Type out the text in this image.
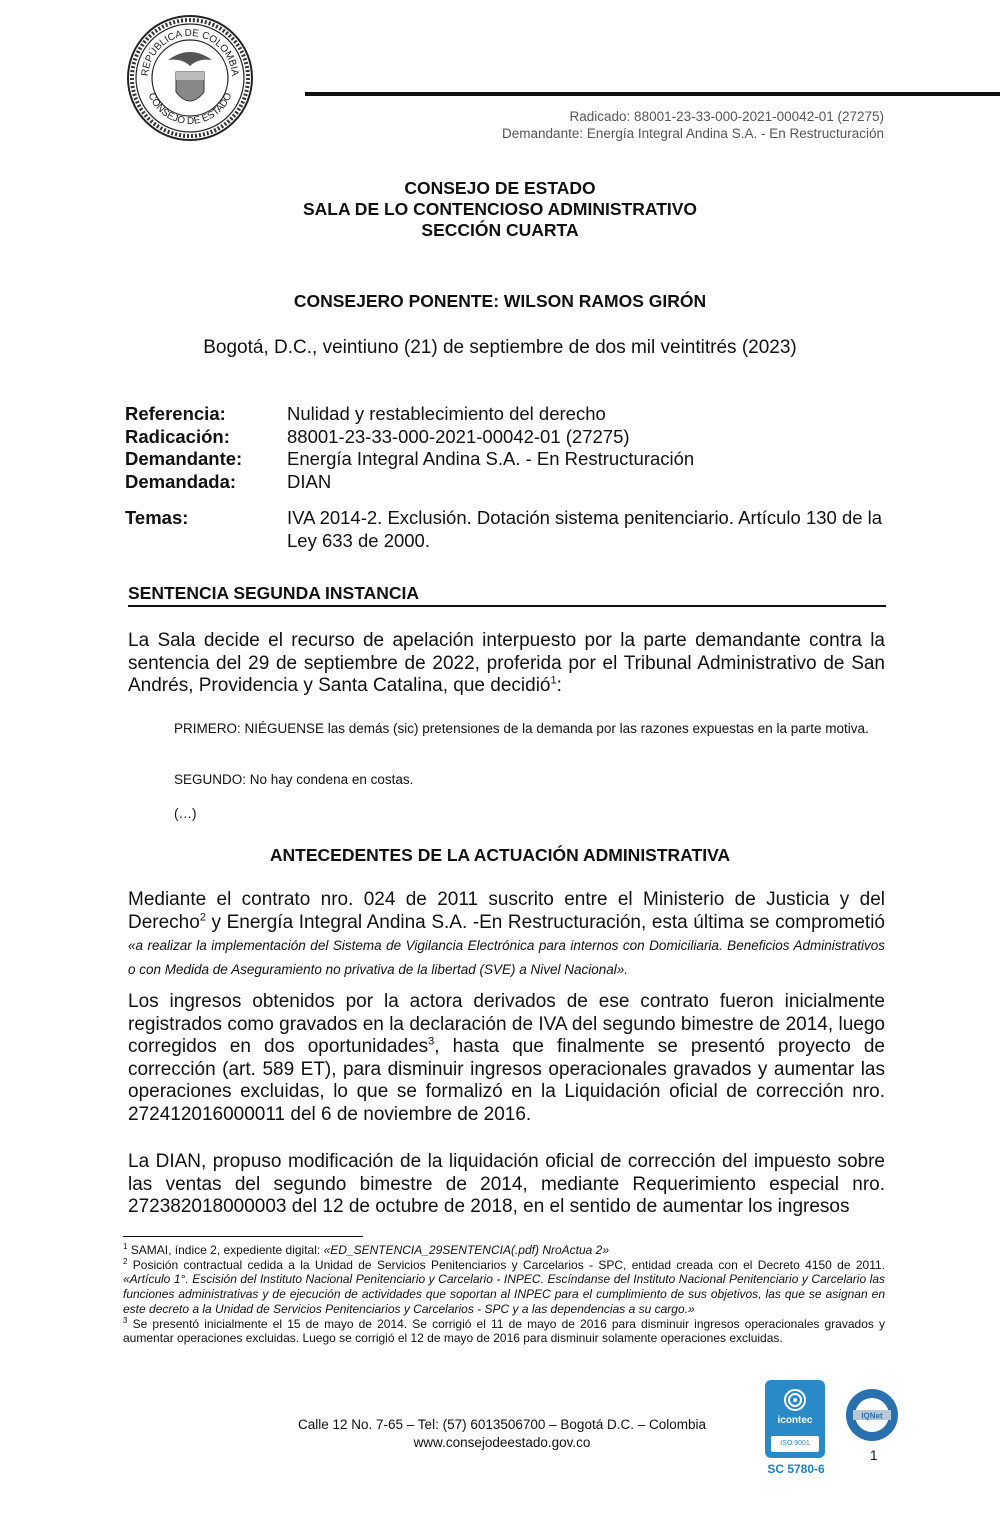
REPÚBLICA DE COLOMBIA
CONSEJO DE ESTADO
Radicado: 88001-23-33-000-2021-00042-01 (27275)
Demandante: Energía Integral Andina S.A. - En Restructuración
CONSEJO DE ESTADO
SALA DE LO CONTENCIOSO ADMINISTRATIVO
SECCIÓN CUARTA
CONSEJERO PONENTE: WILSON RAMOS GIRÓN
Bogotá, D.C., veintiuno (21) de septiembre de dos mil veintitrés (2023)
Referencia:	Nulidad y restablecimiento del derecho
Radicación:	88001-23-33-000-2021-00042-01 (27275)
Demandante:	Energía Integral Andina S.A. - En Restructuración
Demandada:	DIAN
Temas:	IVA 2014-2. Exclusión. Dotación sistema penitenciario. Artículo 130 de la Ley 633 de 2000.
SENTENCIA SEGUNDA INSTANCIA
La Sala decide el recurso de apelación interpuesto por la parte demandante contra la sentencia del 29 de septiembre de 2022, proferida por el Tribunal Administrativo de San Andrés, Providencia y Santa Catalina, que decidió$^1$:
PRIMERO: NIÉGUENSE las demás (sic) pretensiones de la demanda por las razones expuestas en la parte motiva.
SEGUNDO: No hay condena en costas.
(…)
ANTECEDENTES DE LA ACTUACIÓN ADMINISTRATIVA
Mediante el contrato nro. 024 de 2011 suscrito entre el Ministerio de Justicia y del Derecho$^2$ y Energía Integral Andina S.A. -En Restructuración, esta última se comprometió «a realizar la implementación del Sistema de Vigilancia Electrónica para internos con Domiciliaria. Beneficios Administrativos o con Medida de Aseguramiento no privativa de la libertad (SVE) a Nivel Nacional».
Los ingresos obtenidos por la actora derivados de ese contrato fueron inicialmente registrados como gravados en la declaración de IVA del segundo bimestre de 2014, luego corregidos en dos oportunidades$^3$, hasta que finalmente se presentó proyecto de corrección (art. 589 ET), para disminuir ingresos operacionales gravados y aumentar las operaciones excluidas, lo que se formalizó en la Liquidación oficial de corrección nro. 272412016000011 del 6 de noviembre de 2016.
La DIAN, propuso modificación de la liquidación oficial de corrección del impuesto sobre las ventas del segundo bimestre de 2014, mediante Requerimiento especial nro. 272382018000003 del 12 de octubre de 2018, en el sentido de aumentar los ingresos
$^1$ SAMAI, índice 2, expediente digital: «ED_SENTENCIA_29SENTENCIA(.pdf) NroActua 2»
$^2$ Posición contractual cedida a la Unidad de Servicios Penitenciarios y Carcelarios - SPC, entidad creada con el Decreto 4150 de 2011. «Artículo 1°. Escisión del Instituto Nacional Penitenciario y Carcelario - INPEC. Escíndanse del Instituto Nacional Penitenciario y Carcelario las funciones administrativas y de ejecución de actividades que soportan al INPEC para el cumplimiento de sus objetivos, las que se asignan en este decreto a la Unidad de Servicios Penitenciarios y Carcelarios - SPC y a las dependencias a su cargo.»
$^3$ Se presentó inicialmente el 15 de mayo de 2014. Se corrigió el 11 de mayo de 2016 para disminuir ingresos operacionales gravados y aumentar operaciones excluidas. Luego se corrigió el 12 de mayo de 2016 para disminuir solamente operaciones excluidas.
Calle 12 No. 7-65 – Tel: (57) 6013506700 – Bogotá D.C. – Colombia
www.consejodeestado.gov.co
icontec
ISO 9001
SC 5780-6
IQNet
1
